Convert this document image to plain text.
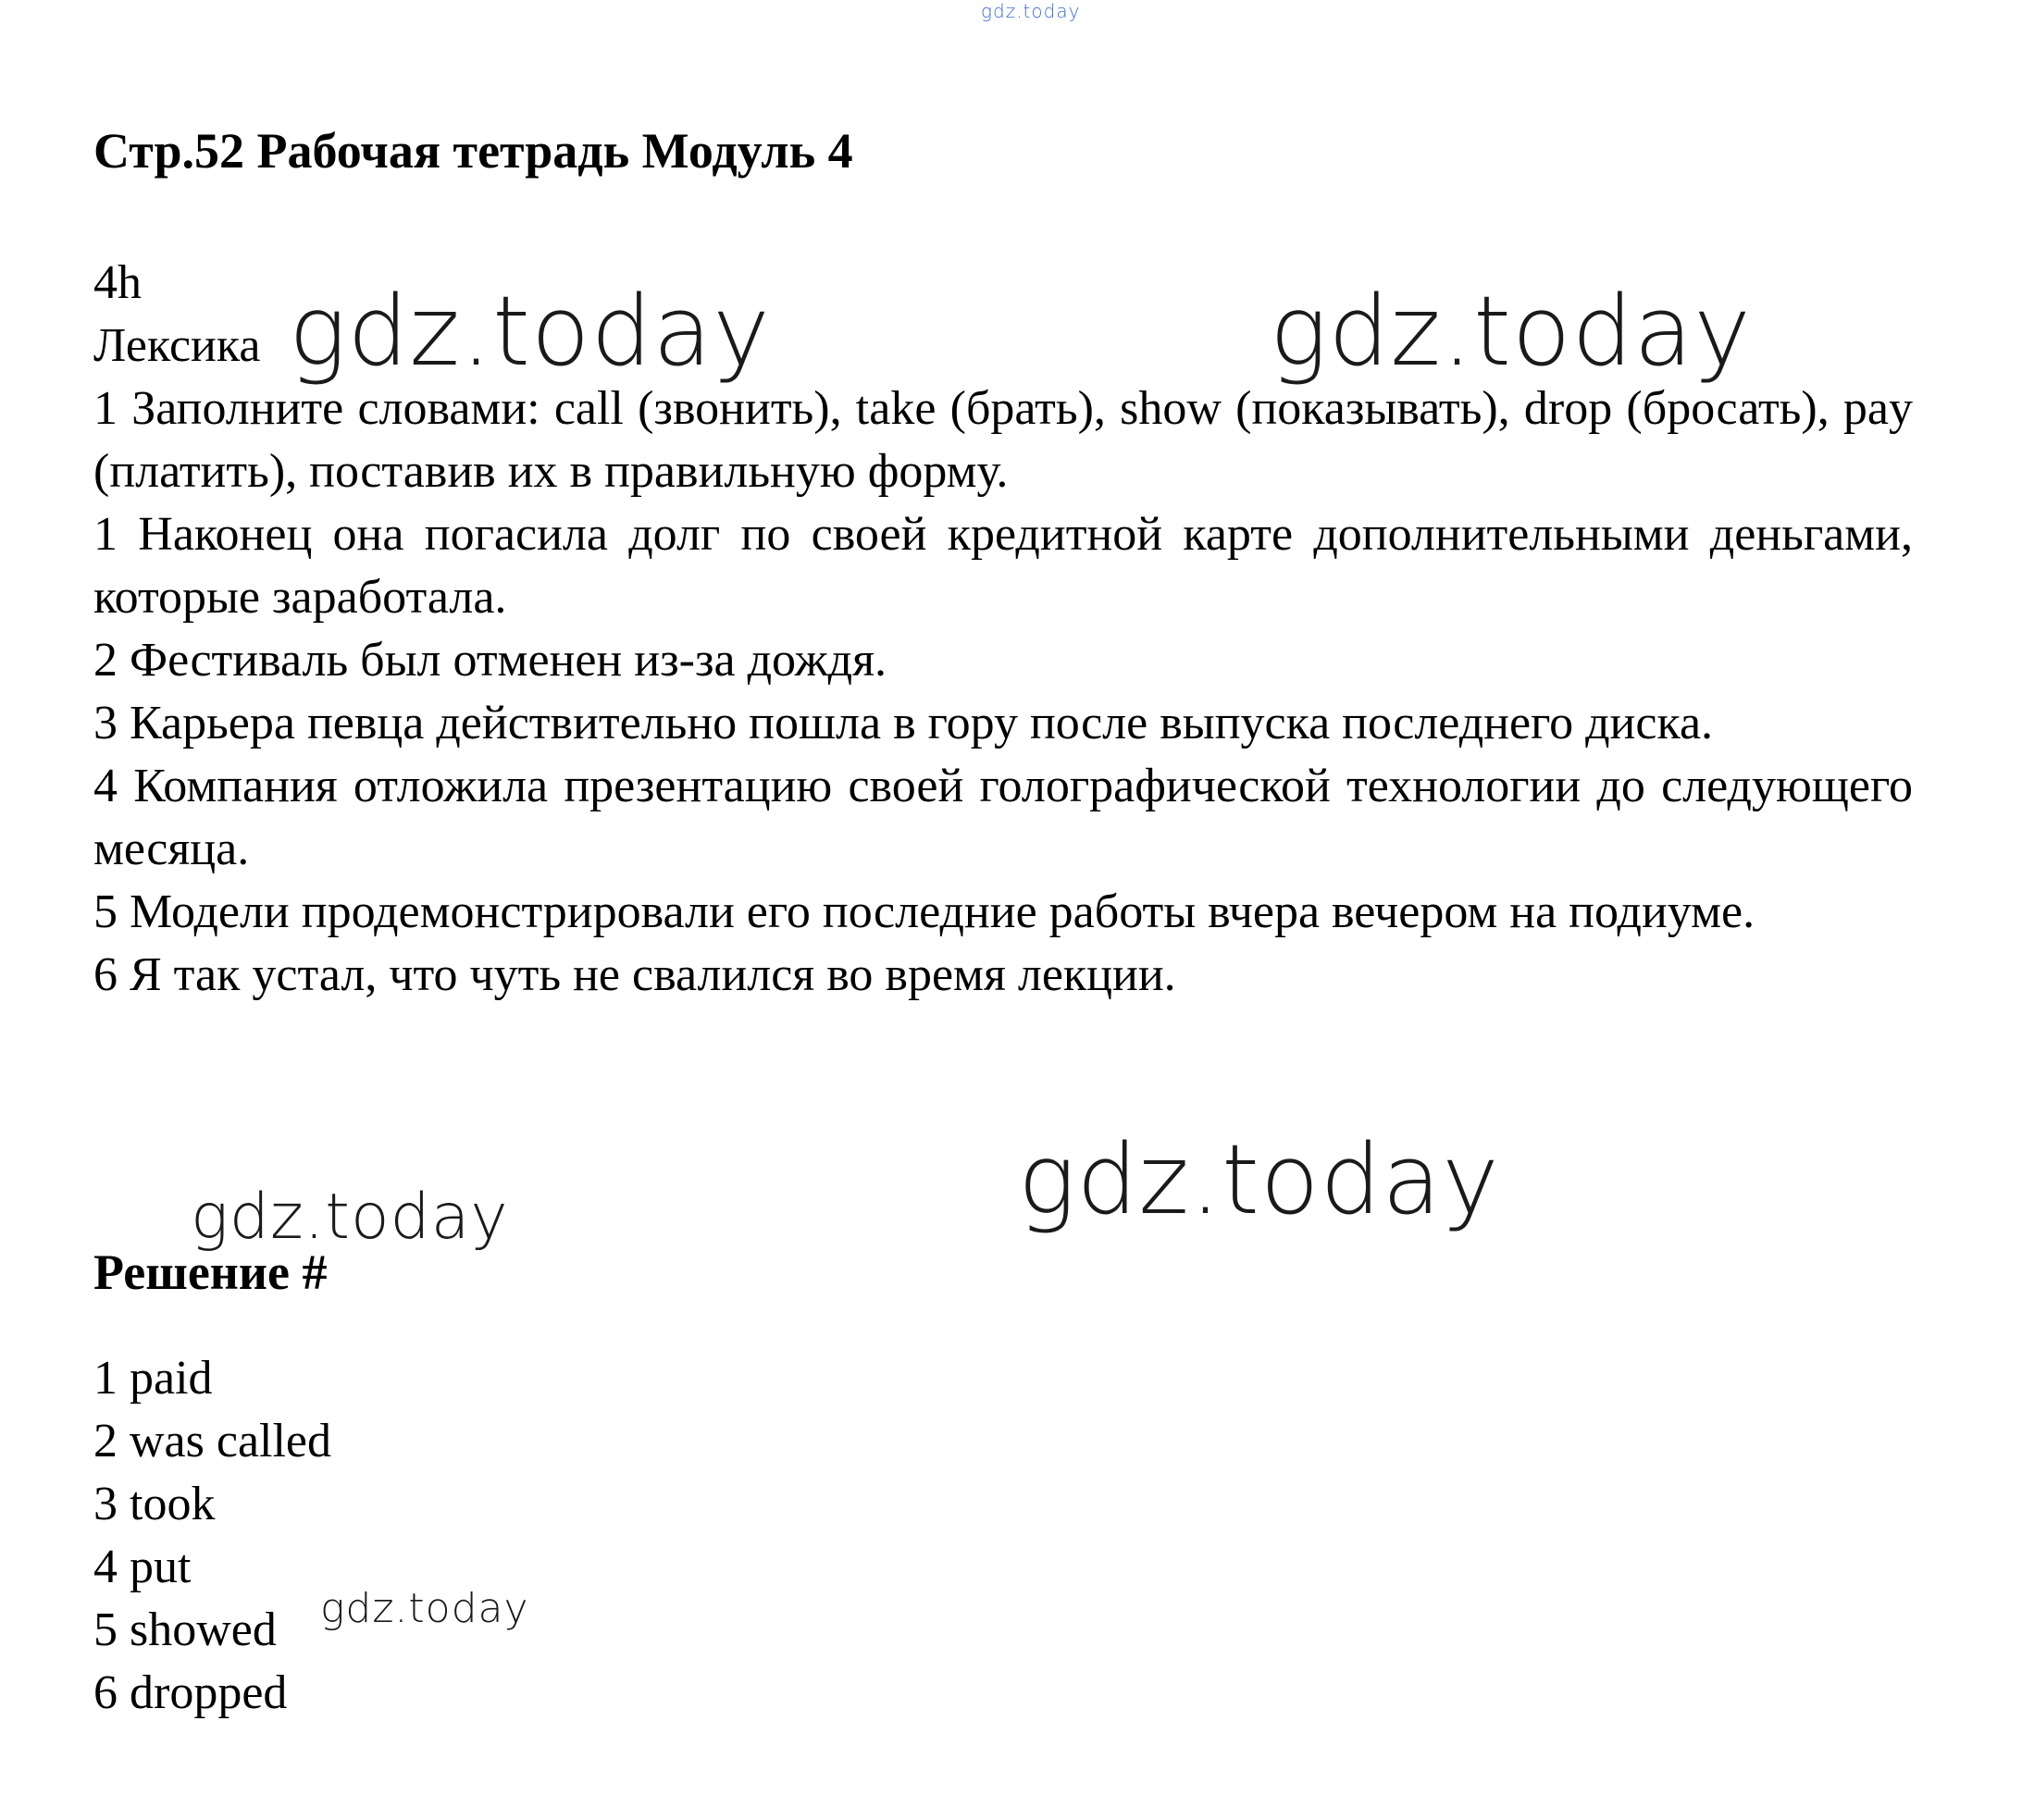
gdz.today
Стр.52 Рабочая тетрадь Модуль 4
4h
Лексика

1 Заполните словами: call (звонить), take (брать), show (показывать), drop (бросать), pay (платить), поставив их в правильную форму.

1 Наконец она погасила долг по своей кредитной карте дополнительными деньгами, которые заработала.

2 Фестиваль был отменен из-за дождя.

3 Карьера певца действительно пошла в гору после выпуска последнего диска.

4 Компания отложила презентацию своей голографической технологии до следующего месяца.

5 Модели продемонстрировали его последние работы вчера вечером на подиуме.

6 Я так устал, что чуть не свалился во время лекции.

Решение #

1 paid

2 was called

3 took

4 put

5 showed

6 dropped

gdz.today	gdz.today
gdz.today
gdz.today
gdz.today
